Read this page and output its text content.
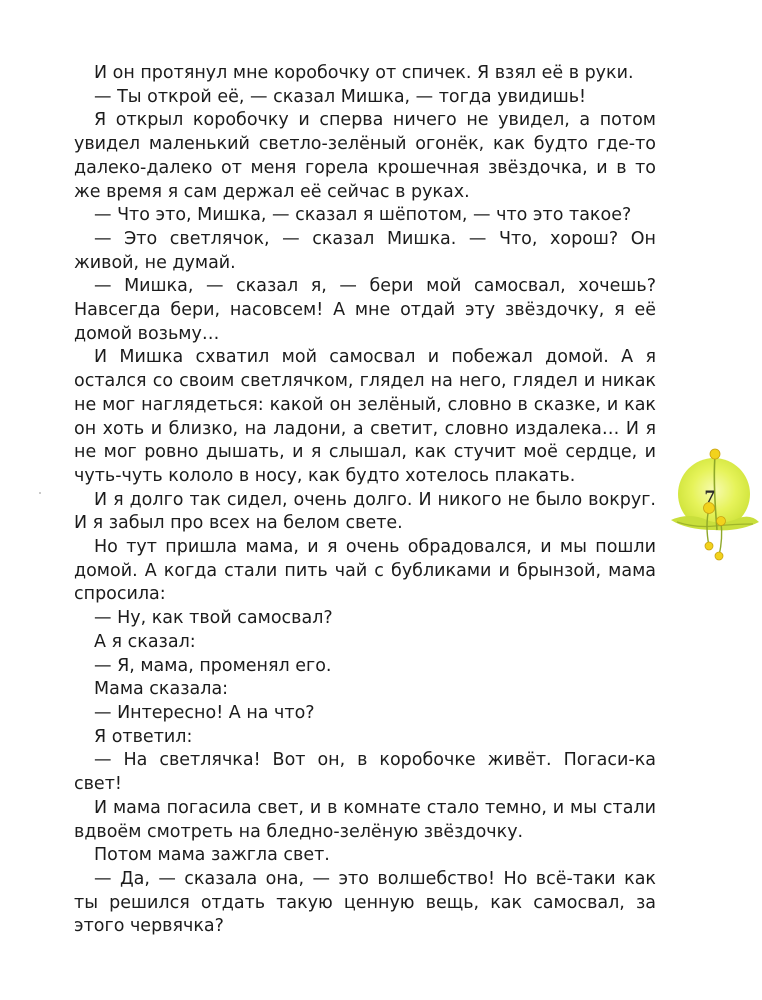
И он протянул мне коробочку от спичек. Я взял её в руки.

— Ты открой её, — сказал Мишка, — тогда увидишь!

Я открыл коробочку и сперва ничего не увидел, а потом увидел маленький светло-зелёный огонёк, как будто где-то далеко-далеко от меня горела крошечная звёздочка, и в то же время я сам держал её сейчас в руках.

— Что это, Мишка, — сказал я шёпотом, — что это такое?

— Это светлячок, — сказал Мишка. — Что, хорош? Он живой, не думай.

— Мишка, — сказал я, — бери мой самосвал, хочешь? Навсегда бери, насовсем! А мне отдай эту звёздочку, я её домой возьму…

И Мишка схватил мой самосвал и побежал домой. А я остался со своим светлячком, глядел на него, глядел и никак не мог наглядеться: какой он зелёный, словно в сказке, и как он хоть и близко, на ладони, а светит, словно издалека… И я не мог ровно дышать, и я слышал, как стучит моё сердце, и чуть-чуть кололо в носу, как будто хотелось плакать.

И я долго так сидел, очень долго. И никого не было вокруг. И я забыл про всех на белом свете.

Но тут пришла мама, и я очень обрадовался, и мы пошли домой. А когда стали пить чай с бубликами и брынзой, мама спросила:

— Ну, как твой самосвал?

А я сказал:

— Я, мама, променял его.

Мама сказала:

— Интересно! А на что?

Я ответил:

— На светлячка! Вот он, в коробочке живёт. Погаси-ка свет!

И мама погасила свет, и в комнате стало темно, и мы стали вдвоём смотреть на бледно-зелёную звёздочку.

Потом мама зажгла свет.

— Да, — сказала она, — это волшебство! Но всё-таки как ты решился отдать такую ценную вещь, как самосвал, за этого червячка?

7
